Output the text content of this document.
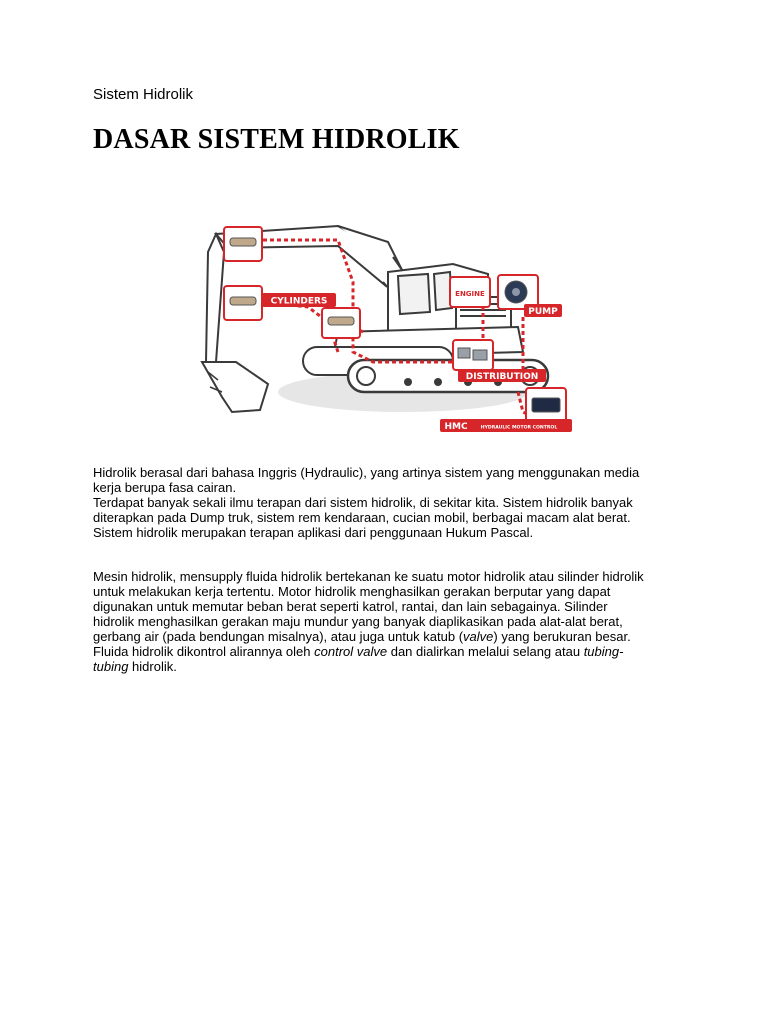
Sistem Hidrolik
DASAR SISTEM HIDROLIK
CYLINDERS
ENGINE
PUMP
DISTRIBUTION
HMC	HYDRAULIC MOTOR CONTROL
Hidrolik berasal dari bahasa Inggris (Hydraulic), yang artinya sistem yang menggunakan media
kerja berupa fasa cairan.
Terdapat banyak sekali ilmu terapan dari sistem hidrolik, di sekitar kita. Sistem hidrolik banyak
diterapkan pada Dump truk, sistem rem kendaraan, cucian mobil, berbagai macam alat berat.
Sistem hidrolik merupakan terapan aplikasi dari penggunaan Hukum Pascal.
Mesin hidrolik, mensupply fluida hidrolik bertekanan ke suatu motor hidrolik atau silinder hidrolik
untuk melakukan kerja tertentu. Motor hidrolik menghasilkan gerakan berputar yang dapat
digunakan untuk memutar beban berat seperti katrol, rantai, dan lain sebagainya. Silinder
hidrolik menghasilkan gerakan maju mundur yang banyak diaplikasikan pada alat-alat berat,
gerbang air (pada bendungan misalnya), atau juga untuk katub (valve) yang berukuran besar.
Fluida hidrolik dikontrol alirannya oleh control valve dan dialirkan melalui selang atau tubing-
tubing hidrolik.
